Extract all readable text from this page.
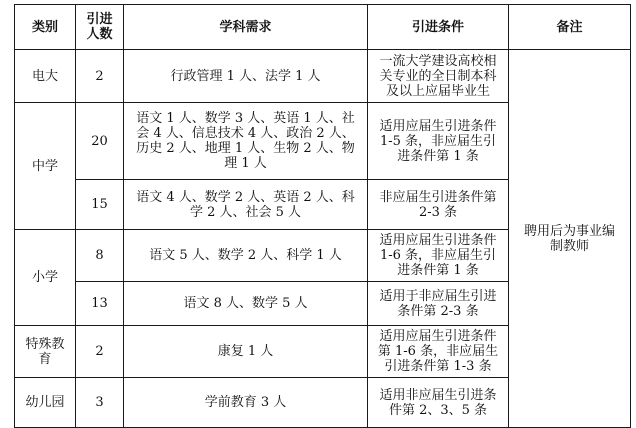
类别	引进人数	学科需求	引进条件	备注
电大	2	行政管理 1 人、法学 1 人	一流大学建设高校相关专业的全日制本科及以上应届毕业生	聘用后为事业编制教师
中学	20	语文 1 人、数学 3 人、英语 1 人、社会 4 人、信息技术 4 人、政治 2 人、历史 2 人、地理 1 人、生物 2 人、物理 1 人	适用应届生引进条件 1-5 条，非应届生引进条件第 1 条	
	15	语文 4 人、数学 2 人、英语 2 人、科学 2 人、社会 5 人	非应届生引进条件第 2-3 条	
小学	8	语文 5 人、数学 2 人、科学 1 人	适用应届生引进条件 1-6 条，非应届生引进条件第 1 条	
	13	语文 8 人、数学 5 人	适用于非应届生引进条件第 2-3 条	
特殊教育	2	康复 1 人	适用应届生引进条件第 1-6 条，非应届生引进条件第 1-3 条	
幼儿园	3	学前教育 3 人	适用非应届生引进条件第 2、3、5 条	
